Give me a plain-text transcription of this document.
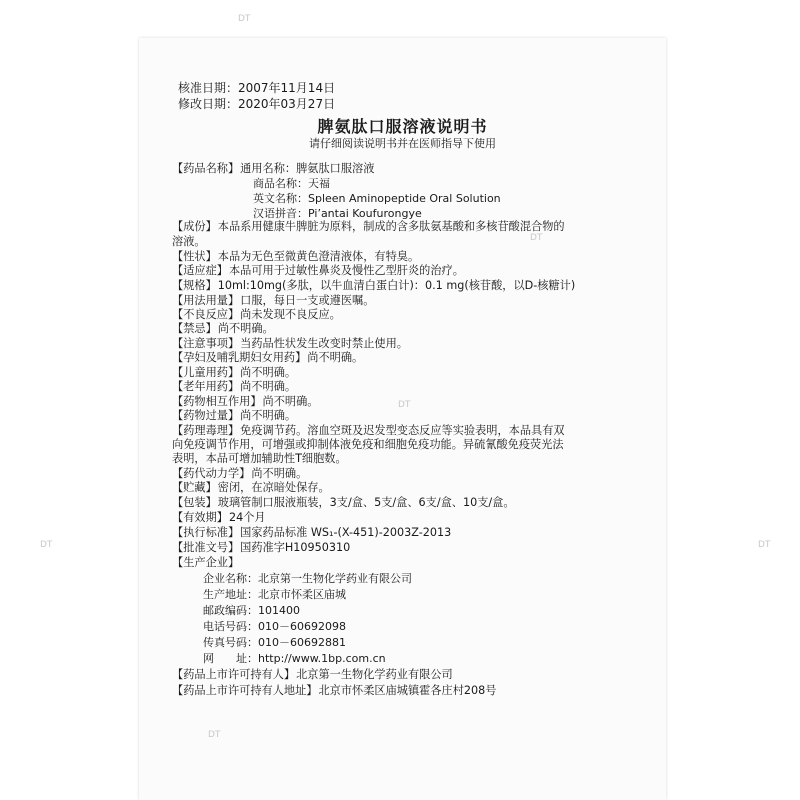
DT
DT
DT
DT	DT
DT
核准日期：2007年11月14日
修改日期：2020年03月27日
脾氨肽口服溶液说明书
请仔细阅读说明书并在医师指导下使用
【药品名称】通用名称：脾氨肽口服溶液
商品名称：天福
英文名称：Spleen Aminopeptide Oral Solution
汉语拼音：Pi’antai Koufurongye
【成份】本品系用健康牛脾脏为原料，制成的含多肽氨基酸和多核苷酸混合物的
溶液。
【性状】本品为无色至微黄色澄清液体，有特臭。
【适应症】本品可用于过敏性鼻炎及慢性乙型肝炎的治疗。
【规格】10ml:10mg(多肽，以牛血清白蛋白计)：0.1 mg(核苷酸，以D-核糖计)
【用法用量】口服，每日一支或遵医嘱。
【不良反应】尚未发现不良反应。
【禁忌】尚不明确。
【注意事项】当药品性状发生改变时禁止使用。
【孕妇及哺乳期妇女用药】尚不明确。
【儿童用药】尚不明确。
【老年用药】尚不明确。
【药物相互作用】尚不明确。
【药物过量】尚不明确。
【药理毒理】免疫调节药。溶血空斑及迟发型变态反应等实验表明，本品具有双
向免疫调节作用，可增强或抑制体液免疫和细胞免疫功能。异硫氰酸免疫荧光法
表明，本品可增加辅助性T细胞数。
【药代动力学】尚不明确。
【贮藏】密闭，在凉暗处保存。
【包装】玻璃管制口服液瓶装，3支/盒、5支/盒、6支/盒、10支/盒。
【有效期】24个月
【执行标准】国家药品标准 WS₁-(X-451)-2003Z-2013
【批准文号】国药准字H10950310
【生产企业】
企业名称：北京第一生物化学药业有限公司
生产地址：北京市怀柔区庙城
邮政编码：101400
电话号码：010－60692098
传真号码：010－60692881
网　　址：http://www.1bp.com.cn
【药品上市许可持有人】北京第一生物化学药业有限公司
【药品上市许可持有人地址】北京市怀柔区庙城镇霍各庄村208号
